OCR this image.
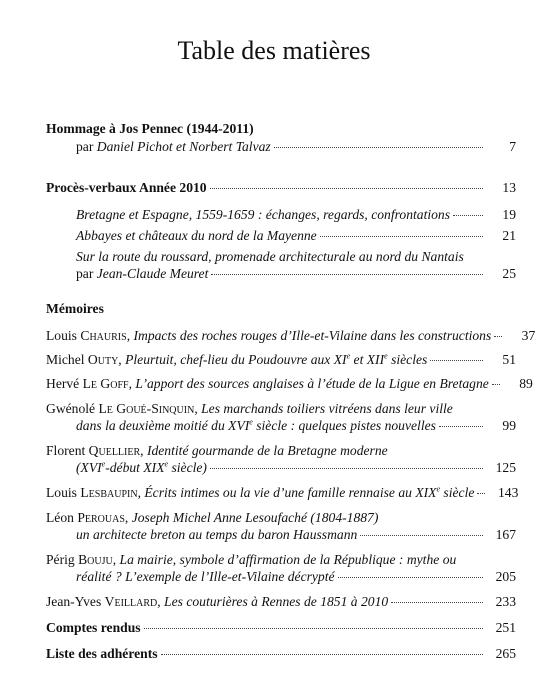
Table des matières
Hommage à Jos Pennec (1944-2011)
par Daniel Pichot et Norbert Talvaz	7
Procès-verbaux Année 2010	13
Bretagne et Espagne, 1559-1659 : échanges, regards, confrontations	19
Abbayes et châteaux du nord de la Mayenne	21
Sur la route du roussard, promenade architecturale au nord du Nantais
par Jean-Claude Meuret	25
Mémoires
Louis Chauris, Impacts des roches rouges d’Ille-et-Vilaine dans les constructions	37
Michel Outy, Pleurtuit, chef-lieu du Poudouvre aux XIe et XIIe siècles	51
Hervé Le Goff, L’apport des sources anglaises à l’étude de la Ligue en Bretagne	89
Gwénolé Le Goué-Sinquin, Les marchands toiliers vitréens dans leur ville
dans la deuxième moitié du XVIe siècle : quelques pistes nouvelles	99
Florent Quellier, Identité gourmande de la Bretagne moderne
(XVIe-début XIXe siècle)	125
Louis Lesbaupin, Écrits intimes ou la vie d’une famille rennaise au XIXe siècle	143
Léon Perouas, Joseph Michel Anne Lesoufaché (1804-1887)
un architecte breton au temps du baron Haussmann	167
Périg Bouju, La mairie, symbole d’affirmation de la République : mythe ou
réalité ? L’exemple de l’Ille-et-Vilaine décrypté	205
Jean-Yves Veillard, Les couturières à Rennes de 1851 à 2010	233
Comptes rendus	251
Liste des adhérents	265
